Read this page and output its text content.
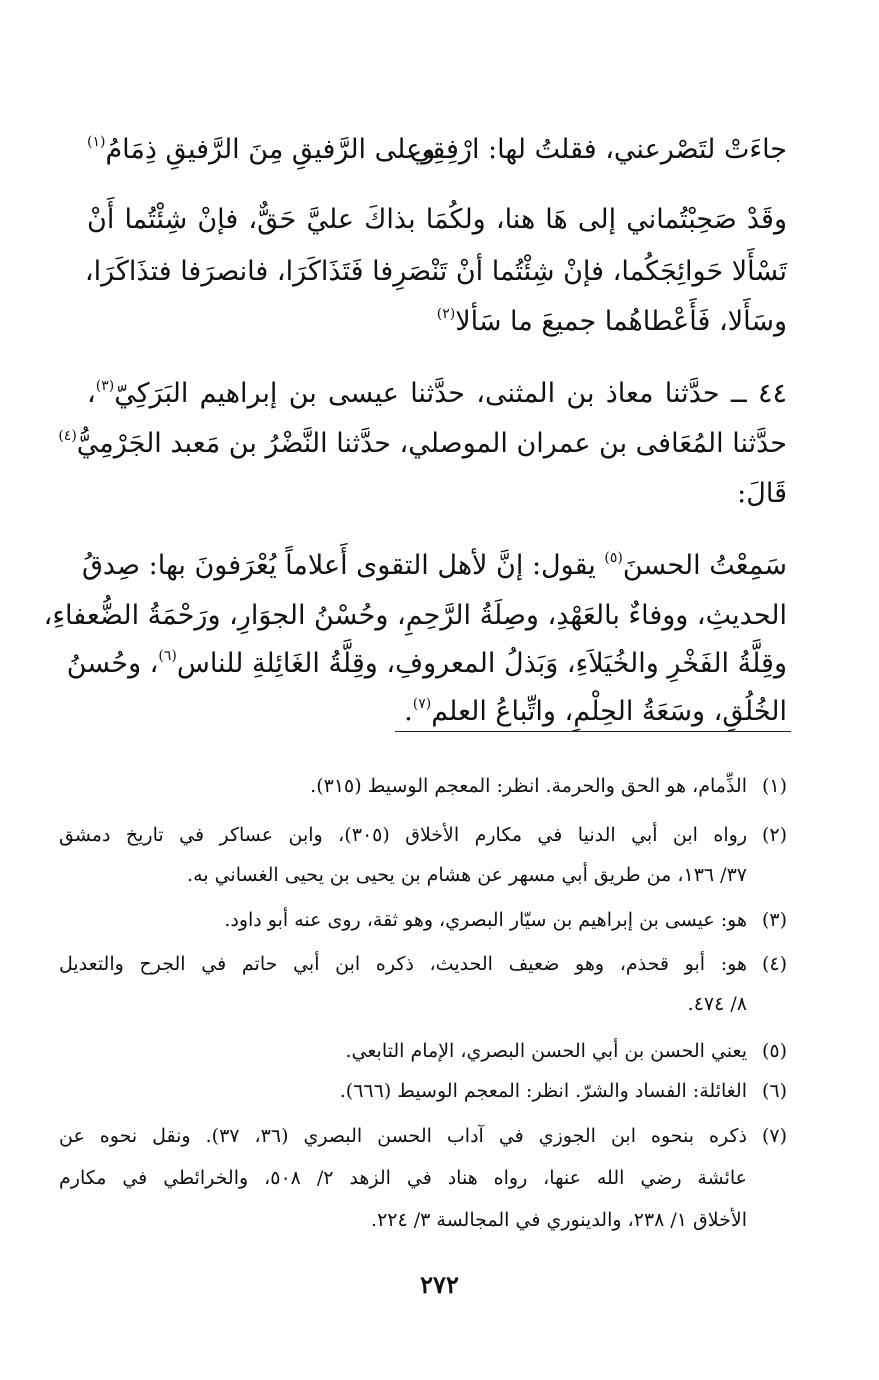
جاءَتْ لتَصْرعني، فقلتُ لها: ارْفِقِي
وعلى الرَّفيقِ مِنَ الرَّفيقِ ذِمَامُ$^{(١)}$
وقَدْ صَحِبْتُماني إلى هَا هنا، ولكُمَا بذاكَ عليَّ حَقٌّ، فإنْ شِئْتُما أَنْ
تَسْأَلا حَوائِجَكُما، فإنْ شِئْتُما أنْ تَنْصَرِفا فَتَذَاكَرَا، فانصرَفا فتذَاكَرَا،
وسَأَلا، فَأَعْطاهُما جميعَ ما سَألا$^{(٢)}$
٤٤ ــ حدَّثنا معاذ بن المثنى، حدَّثنا عيسى بن إبراهيم البَرَكِيّ$^{(٣)}$،
حدَّثنا المُعَافى بن عمران الموصلي، حدَّثنا النَّضْرُ بن مَعبد الجَرْمِيُّ$^{(٤)}$
قَالَ:
سَمِعْتُ الحسنَ$^{(٥)}$ يقول: إنَّ لأهل التقوى أَعلاماً يُعْرَفونَ بها: صِدقُ
الحديثِ، ووفاءٌ بالعَهْدِ، وصِلَةُ الرَّحِمِ، وحُسْنُ الجوَارِ، ورَحْمَةُ الضُّعفاءِ،
وقِلَّةُ الفَخْرِ والخُيَلاَءِ، وَبَذلُ المعروفِ، وقِلَّةُ الغَائِلةِ للناس$^{(٦)}$، وحُسنُ
الخُلُقِ، وسَعَةُ الحِلْمِ، واتِّباعُ العلم$^{(٧)}$.
(١)
الذِّمام، هو الحق والحرمة. انظر: المعجم الوسيط (٣١٥).
(٢)
رواه ابن أبي الدنيا في مكارم الأخلاق (٣٠٥)، وابن عساكر في تاريخ دمشق
٣٧/ ١٣٦، من طريق أبي مسهر عن هشام بن يحيى بن يحيى الغساني به.
(٣)
هو: عيسى بن إبراهيم بن سيّار البصري، وهو ثقة، روى عنه أبو داود.
(٤)
هو: أبو قحذم، وهو ضعيف الحديث، ذكره ابن أبي حاتم في الجرح والتعديل
٨/ ٤٧٤.
(٥)
يعني الحسن بن أبي الحسن البصري، الإمام التابعي.
(٦)
الغائلة: الفساد والشرّ. انظر: المعجم الوسيط (٦٦٦).
(٧)
ذكره بنحوه ابن الجوزي في آداب الحسن البصري (٣٦، ٣٧). ونقل نحوه عن
عائشة رضي الله عنها، رواه هناد في الزهد ٢/ ٥٠٨، والخرائطي في مكارم
الأخلاق ١/ ٢٣٨، والدينوري في المجالسة ٣/ ٢٢٤.
٢٧٢
